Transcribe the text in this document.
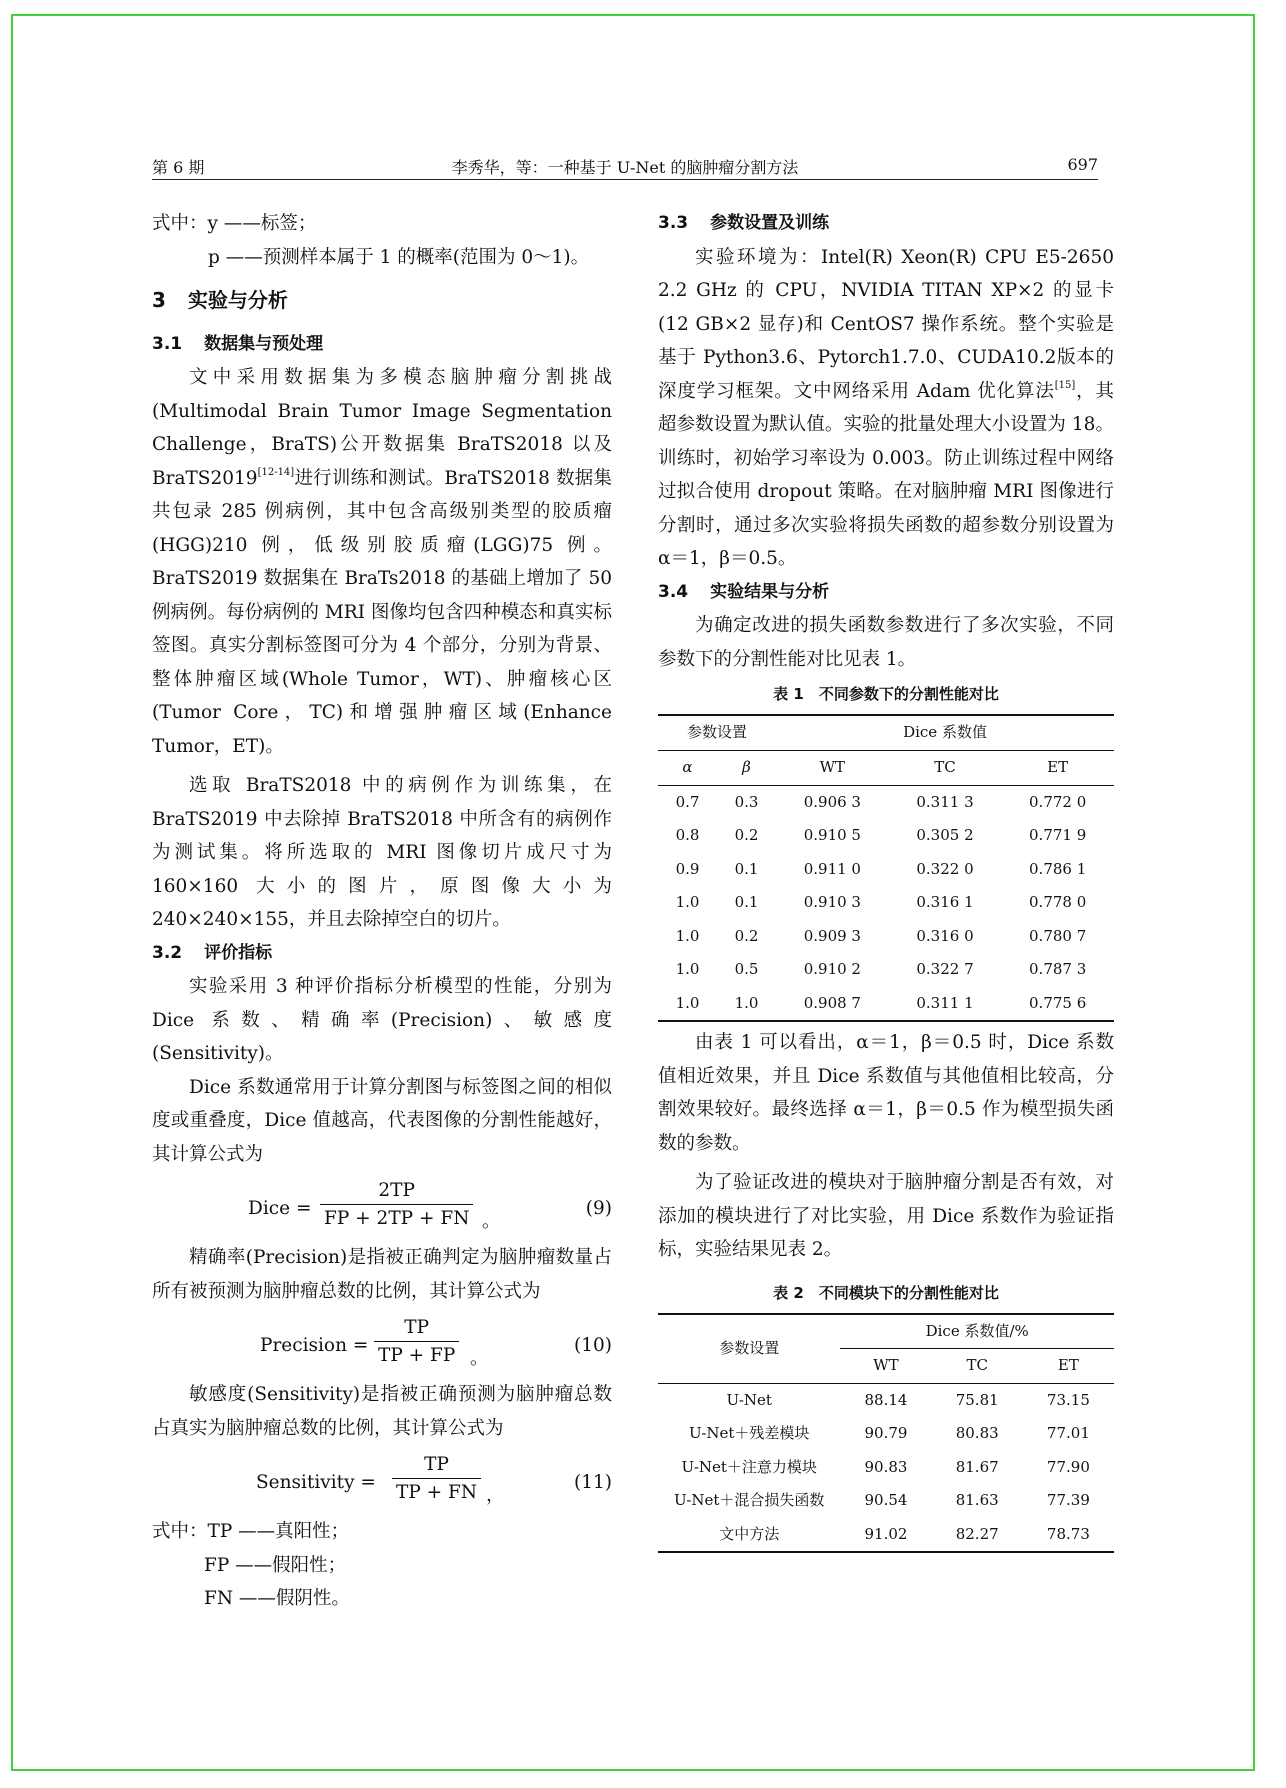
第 6 期	李秀华，等：一种基于 U-Net 的脑肿瘤分割方法	697

式中：y ——标签；

p ——预测样本属于 1 的概率(范围为 0～1)。

3 实验与分析
3.1 数据集与预处理

文中采用数据集为多模态脑肿瘤分割挑战(Multimodal Brain Tumor Image Segmentation Challenge，BraTS)公开数据集 BraTS2018 以及 BraTS2019[12-14]进行训练和测试。BraTS2018 数据集共包录 285 例病例，其中包含高级别类型的胶质瘤(HGG)210 例，低级别胶质瘤(LGG)75 例。BraTS2019 数据集在 BraTs2018 的基础上增加了 50 例病例。每份病例的 MRI 图像均包含四种模态和真实标签图。真实分割标签图可分为 4 个部分，分别为背景、整体肿瘤区域(Whole Tumor，WT)、肿瘤核心区(Tumor Core，TC)和增强肿瘤区域(Enhance Tumor，ET)。

选取 BraTS2018 中的病例作为训练集，在 BraTS2019 中去除掉 BraTS2018 中所含有的病例作为测试集。将所选取的 MRI 图像切片成尺寸为 160×160 大小的图片，原图像大小为 240×240×155，并且去除掉空白的切片。

3.2 评价指标

实验采用 3 种评价指标分析模型的性能，分别为 Dice 系数、精确率(Precision)、敏感度(Sensitivity)。

Dice 系数通常用于计算分割图与标签图之间的相似度或重叠度，Dice 值越高，代表图像的分割性能越好，其计算公式为

Dice = $\frac{2TP}{FP + 2TP + FN}$ 。
(9)

精确率(Precision)是指被正确判定为脑肿瘤数量占所有被预测为脑肿瘤总数的比例，其计算公式为

Precision = $\frac{TP}{TP + FP}$ 。
(10)

敏感度(Sensitivity)是指被正确预测为脑肿瘤总数占真实为脑肿瘤总数的比例，其计算公式为

Sensitivity = $\frac{TP}{TP + FN}$ ，
(11)

式中：TP ——真阳性；

FP ——假阳性；

FN ——假阴性。

3.3 参数设置及训练

实验环境为：Intel(R) Xeon(R) CPU E5-2650 2.2 GHz 的 CPU，NVIDIA TITAN XP×2 的显卡(12 GB×2 显存)和 CentOS7 操作系统。整个实验是基于 Python3.6、Pytorch1.7.0、CUDA10.2版本的深度学习框架。文中网络采用 Adam 优化算法[15]，其超参数设置为默认值。实验的批量处理大小设置为 18。训练时，初始学习率设为 0.003。防止训练过程中网络过拟合使用 dropout 策略。在对脑肿瘤 MRI 图像进行分割时，通过多次实验将损失函数的超参数分别设置为 α＝1，β＝0.5。

3.4 实验结果与分析

为确定改进的损失函数参数进行了多次实验，不同参数下的分割性能对比见表 1。

表 1　不同参数下的分割性能对比
参数设置		Dice 系数值		
α	β	WT	TC	ET
0.7	0.3	0.906 3	0.311 3	0.772 0
0.8	0.2	0.910 5	0.305 2	0.771 9
0.9	0.1	0.911 0	0.322 0	0.786 1
1.0	0.1	0.910 3	0.316 1	0.778 0
1.0	0.2	0.909 3	0.316 0	0.780 7
1.0	0.5	0.910 2	0.322 7	0.787 3
1.0	1.0	0.908 7	0.311 1	0.775 6

由表 1 可以看出，α＝1，β＝0.5 时，Dice 系数值相近效果，并且 Dice 系数值与其他值相比较高，分割效果较好。最终选择 α＝1，β＝0.5 作为模型损失函数的参数。

为了验证改进的模块对于脑肿瘤分割是否有效，对添加的模块进行了对比实验，用 Dice 系数作为验证指标，实验结果见表 2。

表 2　不同模块下的分割性能对比
参数设置	Dice 系数值/%		
	WT	TC	ET
U-Net	88.14	75.81	73.15
U-Net＋残差模块	90.79	80.83	77.01
U-Net＋注意力模块	90.83	81.67	77.90
U-Net＋混合损失函数	90.54	81.63	77.39
文中方法	91.02	82.27	78.73
